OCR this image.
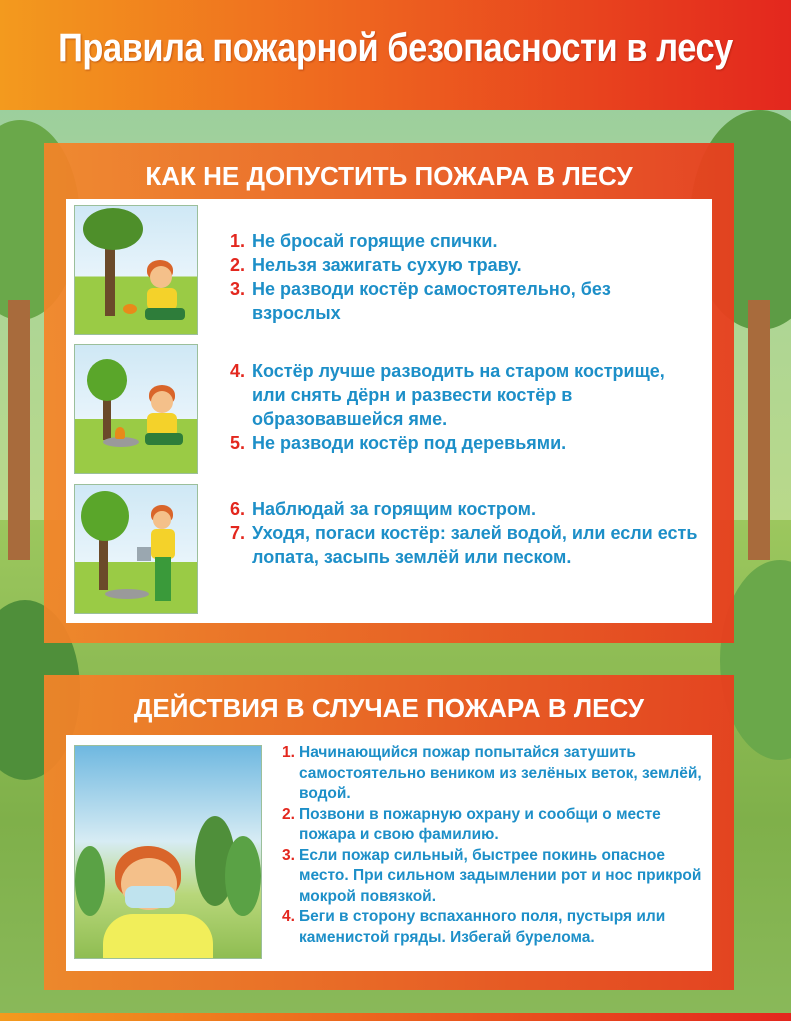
Правила пожарной безопасности в лесу
КАК НЕ ДОПУСТИТЬ ПОЖАРА В ЛЕСУ
1. Не бросай горящие спички.
2. Нельзя зажигать сухую траву.
3. Не разводи костёр самостоятельно, без взрослых
4. Костёр лучше разводить на старом кострище, или снять дёрн и развести костёр в образовавшейся яме.
5. Не разводи костёр под деревьями.
6. Наблюдай за горящим костром.
7. Уходя, погаси костёр: залей водой, или если есть лопата, засыпь землёй или песком.
ДЕЙСТВИЯ В СЛУЧАЕ ПОЖАРА В ЛЕСУ
1. Начинающийся пожар попытайся затушить самостоятельно веником из зелёных веток, землёй, водой.
2. Позвони в пожарную охрану и сообщи о месте пожара и свою фамилию.
3. Если пожар сильный, быстрее покинь опасное место. При сильном задымлении рот и нос прикрой мокрой повязкой.
4. Беги в сторону вспаханного поля, пустыря или каменистой гряды. Избегай бурелома.
